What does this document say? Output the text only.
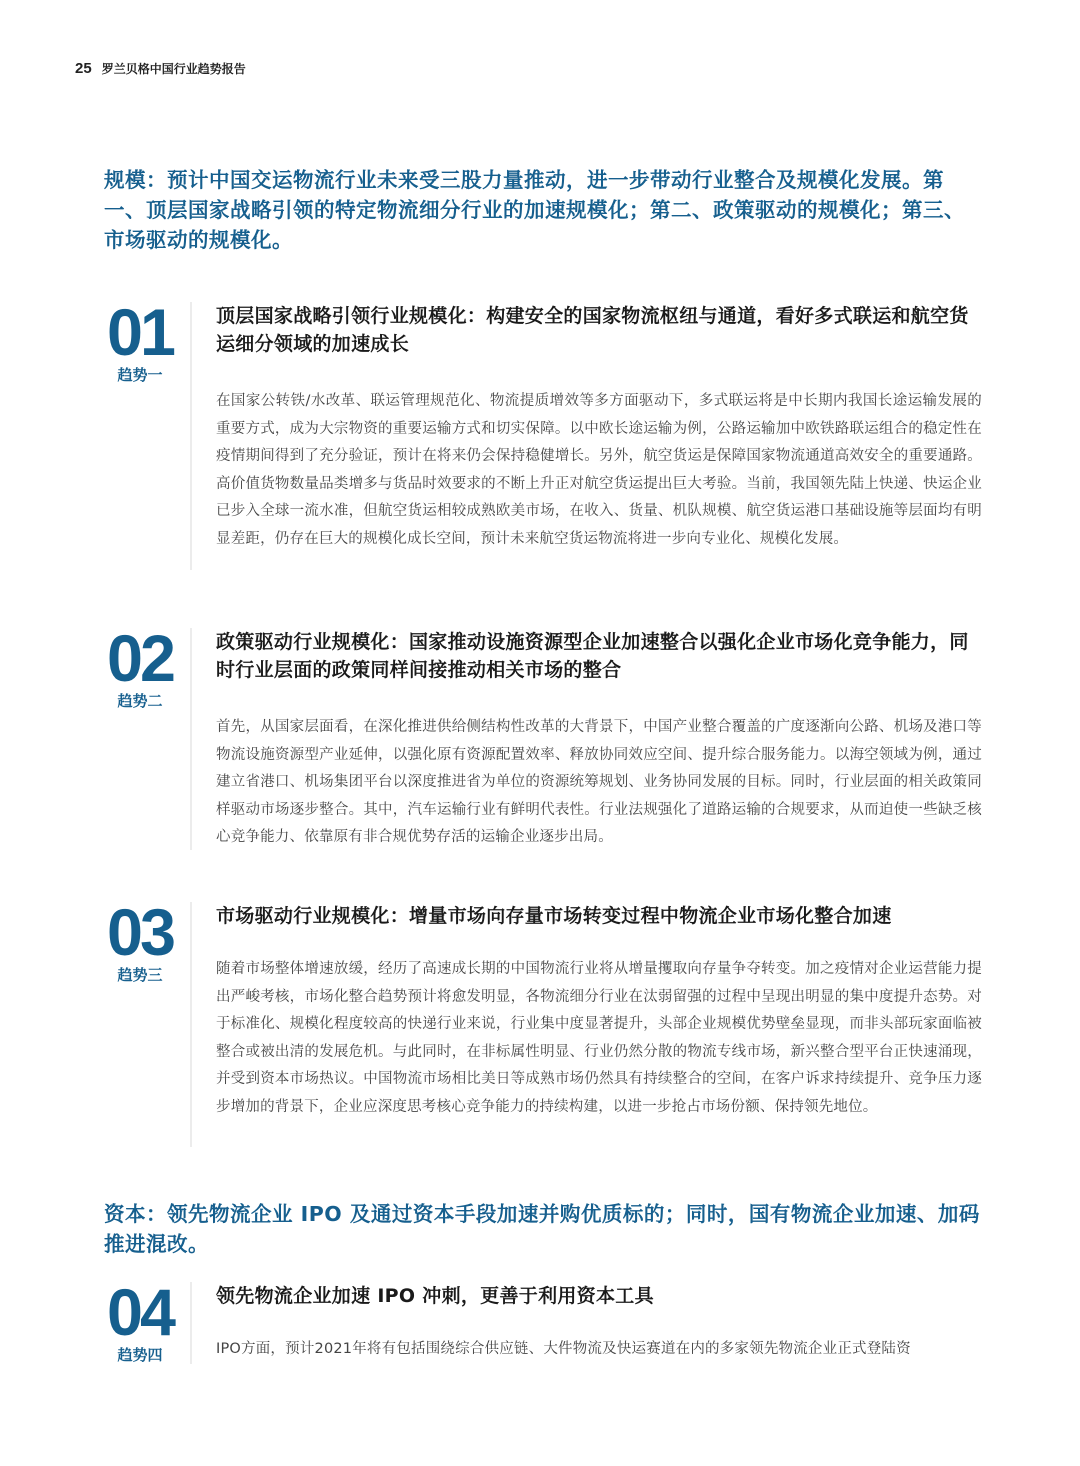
25 罗兰贝格中国行业趋势报告
规模：预计中国交运物流行业未来受三股力量推动，进一步带动行业整合及规模化发展。第一、顶层国家战略引领的特定物流细分行业的加速规模化；第二、政策驱动的规模化；第三、市场驱动的规模化。
01
趋势一
顶层国家战略引领行业规模化：构建安全的国家物流枢纽与通道，看好多式联运和航空货运细分领域的加速成长
在国家公转铁/水改革、联运管理规范化、物流提质增效等多方面驱动下，多式联运将是中长期内我国长途运输发展的重要方式，成为大宗物资的重要运输方式和切实保障。以中欧长途运输为例，公路运输加中欧铁路联运组合的稳定性在疫情期间得到了充分验证，预计在将来仍会保持稳健增长。另外，航空货运是保障国家物流通道高效安全的重要通路。高价值货物数量品类增多与货品时效要求的不断上升正对航空货运提出巨大考验。当前，我国领先陆上快递、快运企业已步入全球一流水准，但航空货运相较成熟欧美市场，在收入、货量、机队规模、航空货运港口基础设施等层面均有明显差距，仍存在巨大的规模化成长空间，预计未来航空货运物流将进一步向专业化、规模化发展。
02
趋势二
政策驱动行业规模化：国家推动设施资源型企业加速整合以强化企业市场化竞争能力，同时行业层面的政策同样间接推动相关市场的整合
首先，从国家层面看，在深化推进供给侧结构性改革的大背景下，中国产业整合覆盖的广度逐渐向公路、机场及港口等物流设施资源型产业延伸，以强化原有资源配置效率、释放协同效应空间、提升综合服务能力。以海空领域为例，通过建立省港口、机场集团平台以深度推进省为单位的资源统筹规划、业务协同发展的目标。同时，行业层面的相关政策同样驱动市场逐步整合。其中，汽车运输行业有鲜明代表性。行业法规强化了道路运输的合规要求，从而迫使一些缺乏核心竞争能力、依靠原有非合规优势存活的运输企业逐步出局。
03
趋势三
市场驱动行业规模化：增量市场向存量市场转变过程中物流企业市场化整合加速
随着市场整体增速放缓，经历了高速成长期的中国物流行业将从增量攫取向存量争夺转变。加之疫情对企业运营能力提出严峻考核，市场化整合趋势预计将愈发明显，各物流细分行业在汰弱留强的过程中呈现出明显的集中度提升态势。对于标准化、规模化程度较高的快递行业来说，行业集中度显著提升，头部企业规模优势壁垒显现，而非头部玩家面临被整合或被出清的发展危机。与此同时，在非标属性明显、行业仍然分散的物流专线市场，新兴整合型平台正快速涌现，并受到资本市场热议。中国物流市场相比美日等成熟市场仍然具有持续整合的空间，在客户诉求持续提升、竞争压力逐步增加的背景下，企业应深度思考核心竞争能力的持续构建，以进一步抢占市场份额、保持领先地位。
资本：领先物流企业 IPO 及通过资本手段加速并购优质标的；同时，国有物流企业加速、加码推进混改。
04
趋势四
领先物流企业加速 IPO 冲刺，更善于利用资本工具
IPO方面，预计2021年将有包括围绕综合供应链、大件物流及快运赛道在内的多家领先物流企业正式登陆资
